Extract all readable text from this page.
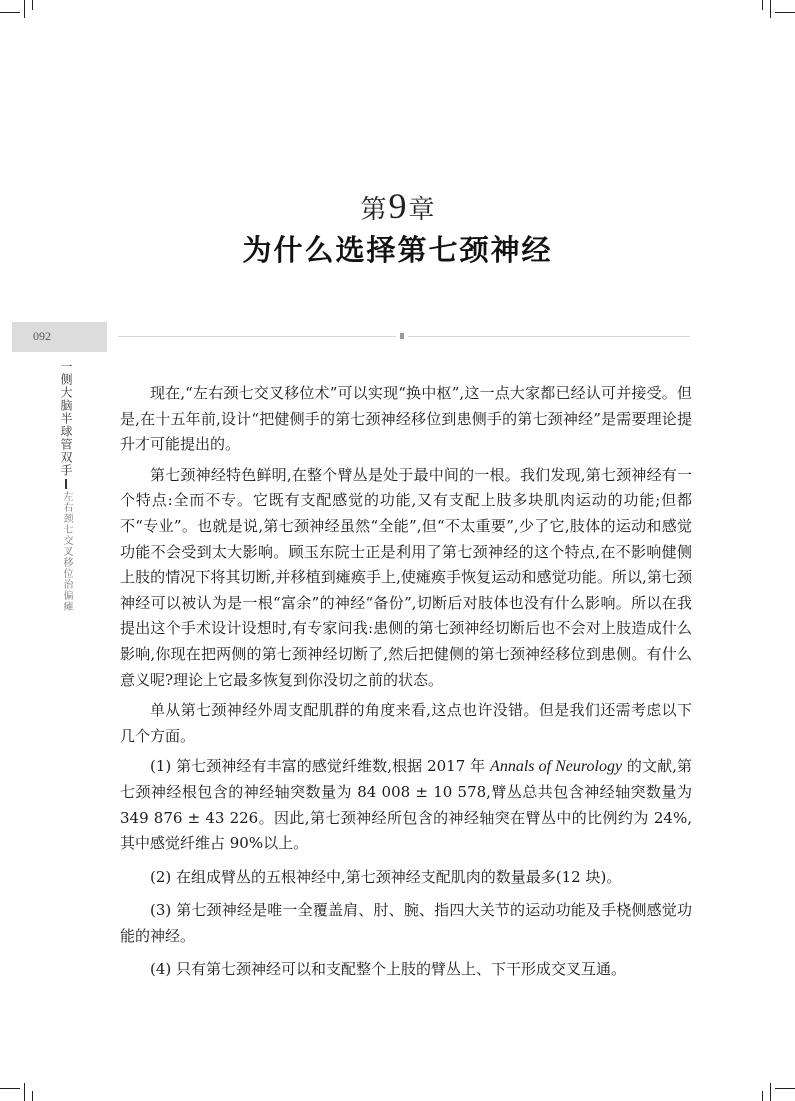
第9章
为什么选择第七颈神经
092
一侧大脑半球管双手左右颈七交叉移位治偏瘫

现在,“左右颈七交叉移位术”可以实现“换中枢”,这一点大家都已经认可并接受。但是,在十五年前,设计“把健侧手的第七颈神经移位到患侧手的第七颈神经”是需要理论提升才可能提出的。

第七颈神经特色鲜明,在整个臂丛是处于最中间的一根。我们发现,第七颈神经有一个特点:全而不专。它既有支配感觉的功能,又有支配上肢多块肌肉运动的功能;但都不“专业”。也就是说,第七颈神经虽然“全能”,但“不太重要”,少了它,肢体的运动和感觉功能不会受到太大影响。顾玉东院士正是利用了第七颈神经的这个特点,在不影响健侧上肢的情况下将其切断,并移植到瘫痪手上,使瘫痪手恢复运动和感觉功能。所以,第七颈神经可以被认为是一根“富余”的神经“备份”,切断后对肢体也没有什么影响。所以在我提出这个手术设计设想时,有专家问我:患侧的第七颈神经切断后也不会对上肢造成什么影响,你现在把两侧的第七颈神经切断了,然后把健侧的第七颈神经移位到患侧。有什么意义呢?理论上它最多恢复到你没切之前的状态。

单从第七颈神经外周支配肌群的角度来看,这点也许没错。但是我们还需考虑以下几个方面。

(1) 第七颈神经有丰富的感觉纤维数,根据 2017 年 Annals of Neurology 的文献,第七颈神经根包含的神经轴突数量为 84 008 ± 10 578,臂丛总共包含神经轴突数量为 349 876 ± 43 226。因此,第七颈神经所包含的神经轴突在臂丛中的比例约为 24%,其中感觉纤维占 90%以上。

(2) 在组成臂丛的五根神经中,第七颈神经支配肌肉的数量最多(12 块)。

(3) 第七颈神经是唯一全覆盖肩、肘、腕、指四大关节的运动功能及手桡侧感觉功能的神经。

(4) 只有第七颈神经可以和支配整个上肢的臂丛上、下干形成交叉互通。
